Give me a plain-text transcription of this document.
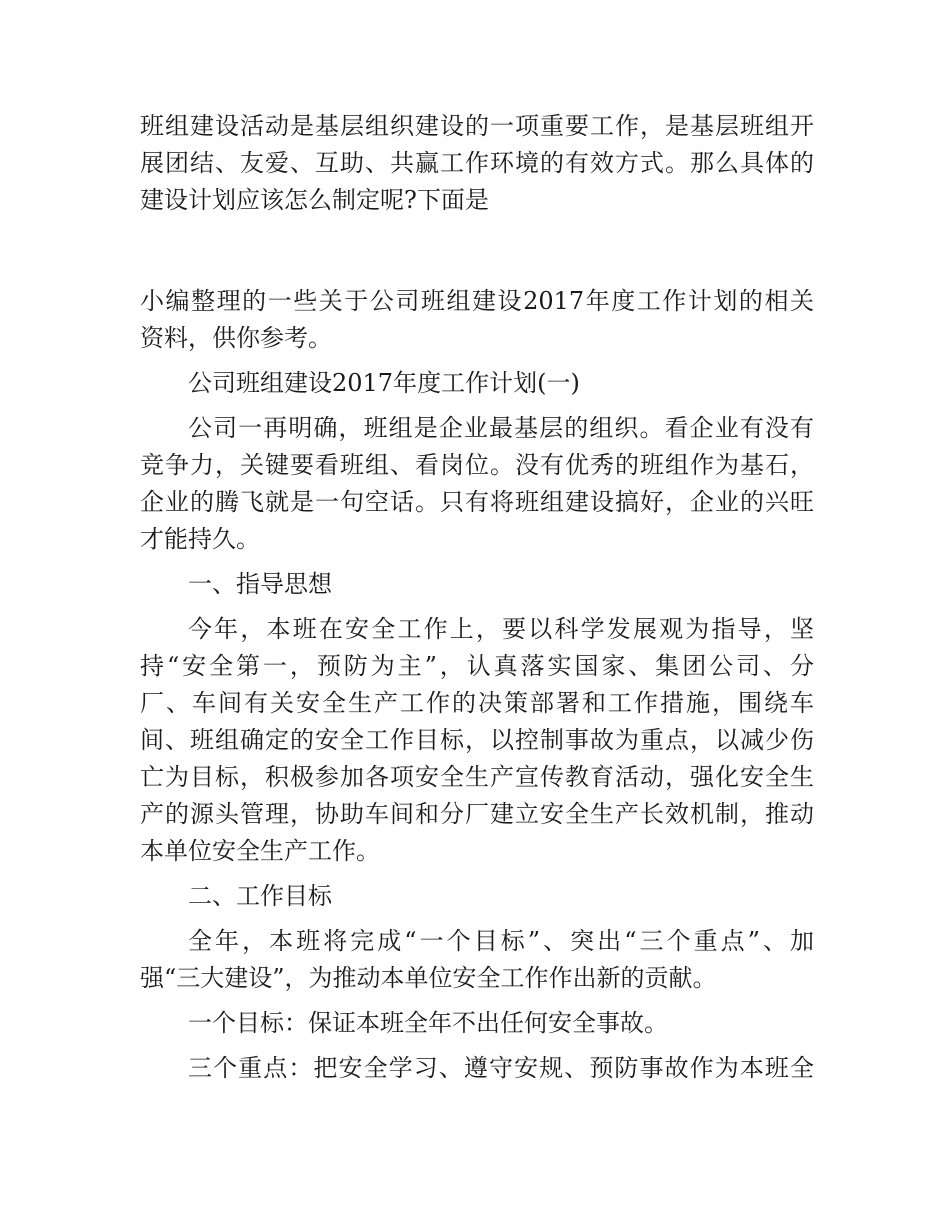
班组建设活动是基层组织建设的一项重要工作，是基层班组开
展团结、友爱、互助、共赢工作环境的有效方式。那么具体的
建设计划应该怎么制定呢?下面是
小编整理的一些关于公司班组建设2017年度工作计划的相关
资料，供你参考。
公司班组建设2017年度工作计划(一)
公司一再明确，班组是企业最基层的组织。看企业有没有
竞争力，关键要看班组、看岗位。没有优秀的班组作为基石，
企业的腾飞就是一句空话。只有将班组建设搞好，企业的兴旺
才能持久。
一、指导思想
今年，本班在安全工作上，要以科学发展观为指导，坚
持“安全第一，预防为主”，认真落实国家、集团公司、分
厂、车间有关安全生产工作的决策部署和工作措施，围绕车
间、班组确定的安全工作目标，以控制事故为重点，以减少伤
亡为目标，积极参加各项安全生产宣传教育活动，强化安全生
产的源头管理，协助车间和分厂建立安全生产长效机制，推动
本单位安全生产工作。
二、工作目标
全年，本班将完成“一个目标”、突出“三个重点”、加
强“三大建设”，为推动本单位安全工作作出新的贡献。
一个目标：保证本班全年不出任何安全事故。
三个重点：把安全学习、遵守安规、预防事故作为本班全
